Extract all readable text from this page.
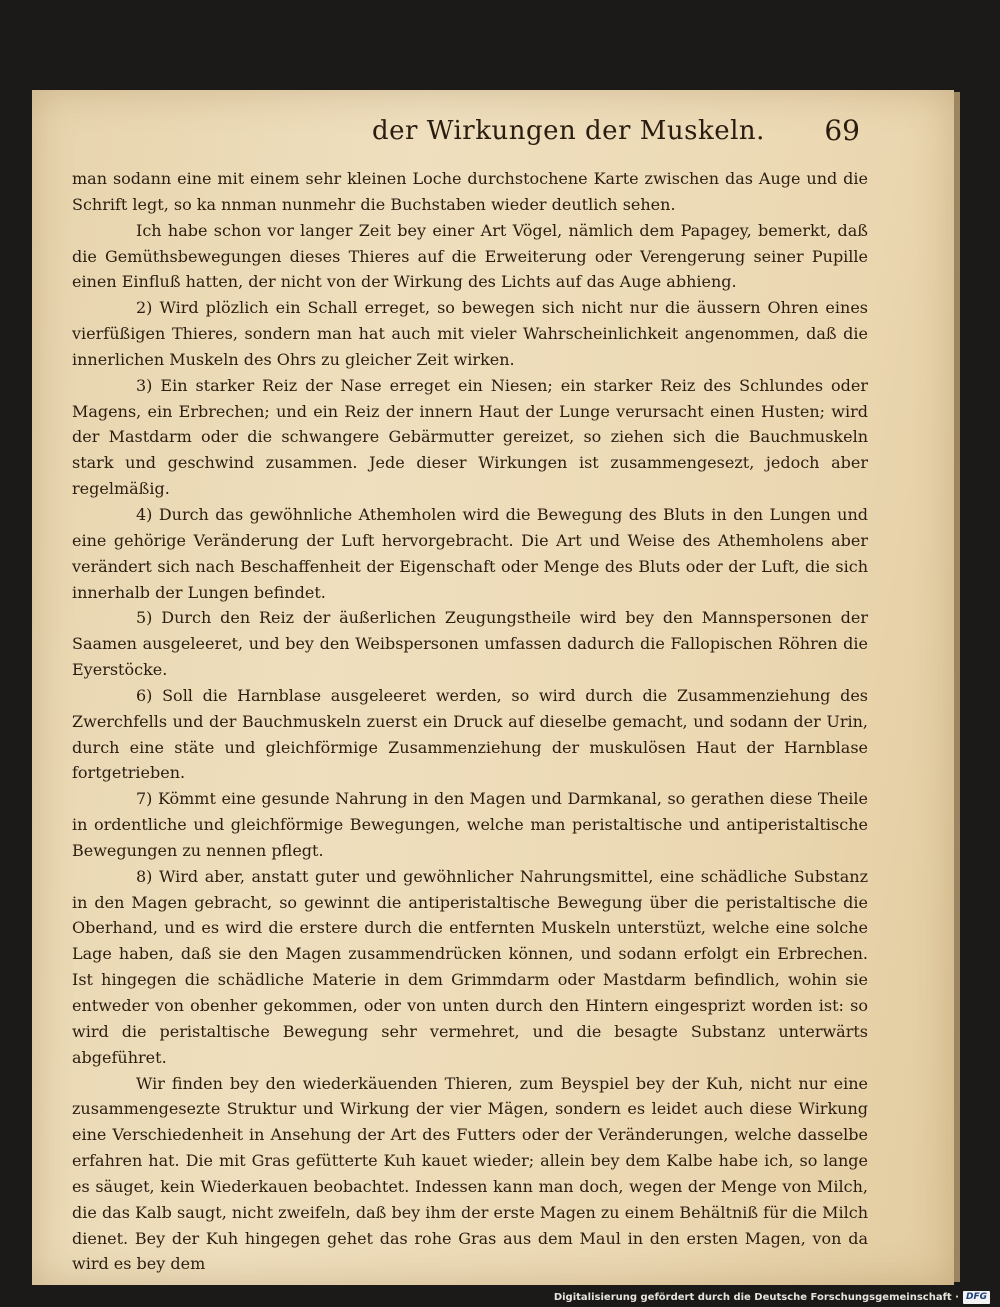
der Wirkungen der Muskeln. 69

man sodann eine mit einem sehr kleinen Loche durchstochene Karte zwischen das Auge und die Schrift legt, so ka nnman nunmehr die Buchstaben wieder deutlich sehen.

Ich habe schon vor langer Zeit bey einer Art Vögel, nämlich dem Papagey, bemerkt, daß die Gemüthsbewegungen dieses Thieres auf die Erweiterung oder Verengerung seiner Pupille einen Einfluß hatten, der nicht von der Wirkung des Lichts auf das Auge abhieng.

2) Wird plözlich ein Schall erreget, so bewegen sich nicht nur die äussern Ohren eines vierfüßigen Thieres, sondern man hat auch mit vieler Wahrscheinlichkeit angenommen, daß die innerlichen Muskeln des Ohrs zu gleicher Zeit wirken.

3) Ein starker Reiz der Nase erreget ein Niesen; ein starker Reiz des Schlundes oder Magens, ein Erbrechen; und ein Reiz der innern Haut der Lunge verursacht einen Husten; wird der Mastdarm oder die schwangere Gebärmutter gereizet, so ziehen sich die Bauchmuskeln stark und geschwind zusammen. Jede dieser Wirkungen ist zusammengesezt, jedoch aber regelmäßig.

4) Durch das gewöhnliche Athemholen wird die Bewegung des Bluts in den Lungen und eine gehörige Veränderung der Luft hervorgebracht. Die Art und Weise des Athemholens aber verändert sich nach Beschaffenheit der Eigenschaft oder Menge des Bluts oder der Luft, die sich innerhalb der Lungen befindet.

5) Durch den Reiz der äußerlichen Zeugungstheile wird bey den Mannspersonen der Saamen ausgeleeret, und bey den Weibspersonen umfassen dadurch die Fallopischen Röhren die Eyerstöcke.

6) Soll die Harnblase ausgeleeret werden, so wird durch die Zusammenziehung des Zwerchfells und der Bauchmuskeln zuerst ein Druck auf dieselbe gemacht, und sodann der Urin, durch eine stäte und gleichförmige Zusammenziehung der muskulösen Haut der Harnblase fortgetrieben.

7) Kömmt eine gesunde Nahrung in den Magen und Darmkanal, so gerathen diese Theile in ordentliche und gleichförmige Bewegungen, welche man peristaltische und antiperistaltische Bewegungen zu nennen pflegt.

8) Wird aber, anstatt guter und gewöhnlicher Nahrungsmittel, eine schädliche Substanz in den Magen gebracht, so gewinnt die antiperistaltische Bewegung über die peristaltische die Oberhand, und es wird die erstere durch die entfernten Muskeln unterstüzt, welche eine solche Lage haben, daß sie den Magen zusammendrücken können, und sodann erfolgt ein Erbrechen. Ist hingegen die schädliche Materie in dem Grimmdarm oder Mastdarm befindlich, wohin sie entweder von obenher gekommen, oder von unten durch den Hintern eingesprizt worden ist: so wird die peristaltische Bewegung sehr vermehret, und die besagte Substanz unterwärts abgeführet.

Wir finden bey den wiederkäuenden Thieren, zum Beyspiel bey der Kuh, nicht nur eine zusammengesezte Struktur und Wirkung der vier Mägen, sondern es leidet auch diese Wirkung eine Verschiedenheit in Ansehung der Art des Futters oder der Veränderungen, welche dasselbe erfahren hat. Die mit Gras gefütterte Kuh kauet wieder; allein bey dem Kalbe habe ich, so lange es säuget, kein Wiederkauen beobachtet. Indessen kann man doch, wegen der Menge von Milch, die das Kalb saugt, nicht zweifeln, daß bey ihm der erste Magen zu einem Behältniß für die Milch dienet. Bey der Kuh hingegen gehet das rohe Gras aus dem Maul in den ersten Magen, von da wird es bey dem

Digitalisierung gefördert durch die Deutsche Forschungsgemeinschaft · DFG
